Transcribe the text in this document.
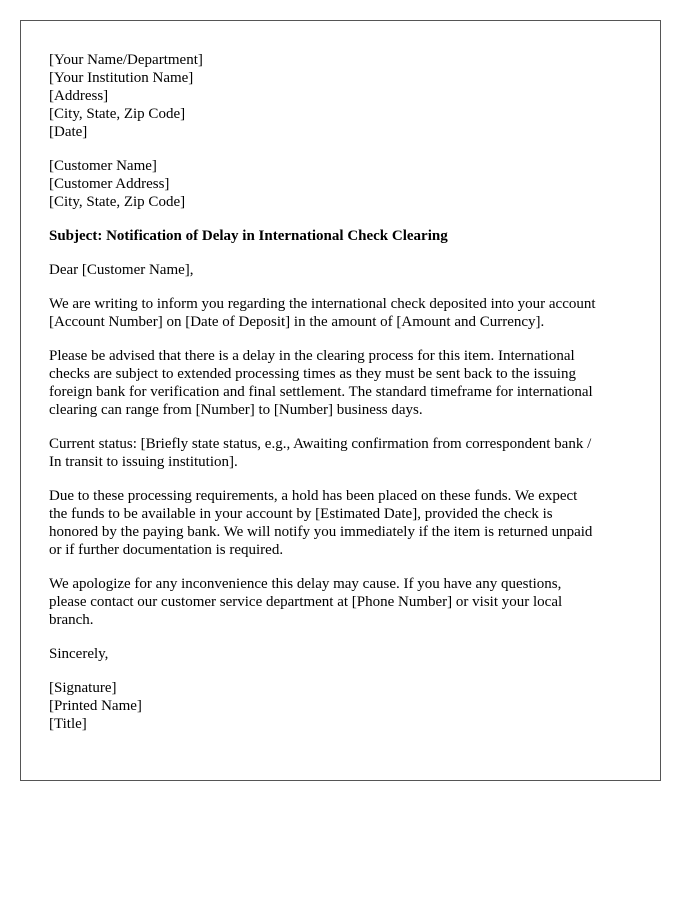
[Your Name/Department]
[Your Institution Name]
[Address]
[City, State, Zip Code]
[Date]
[Customer Name]
[Customer Address]
[City, State, Zip Code]
Subject: Notification of Delay in International Check Clearing
Dear [Customer Name],
We are writing to inform you regarding the international check deposited into your account
[Account Number] on [Date of Deposit] in the amount of [Amount and Currency].
Please be advised that there is a delay in the clearing process for this item. International
checks are subject to extended processing times as they must be sent back to the issuing
foreign bank for verification and final settlement. The standard timeframe for international
clearing can range from [Number] to [Number] business days.
Current status: [Briefly state status, e.g., Awaiting confirmation from correspondent bank /
In transit to issuing institution].
Due to these processing requirements, a hold has been placed on these funds. We expect
the funds to be available in your account by [Estimated Date], provided the check is
honored by the paying bank. We will notify you immediately if the item is returned unpaid
or if further documentation is required.
We apologize for any inconvenience this delay may cause. If you have any questions,
please contact our customer service department at [Phone Number] or visit your local
branch.
Sincerely,
[Signature]
[Printed Name]
[Title]
